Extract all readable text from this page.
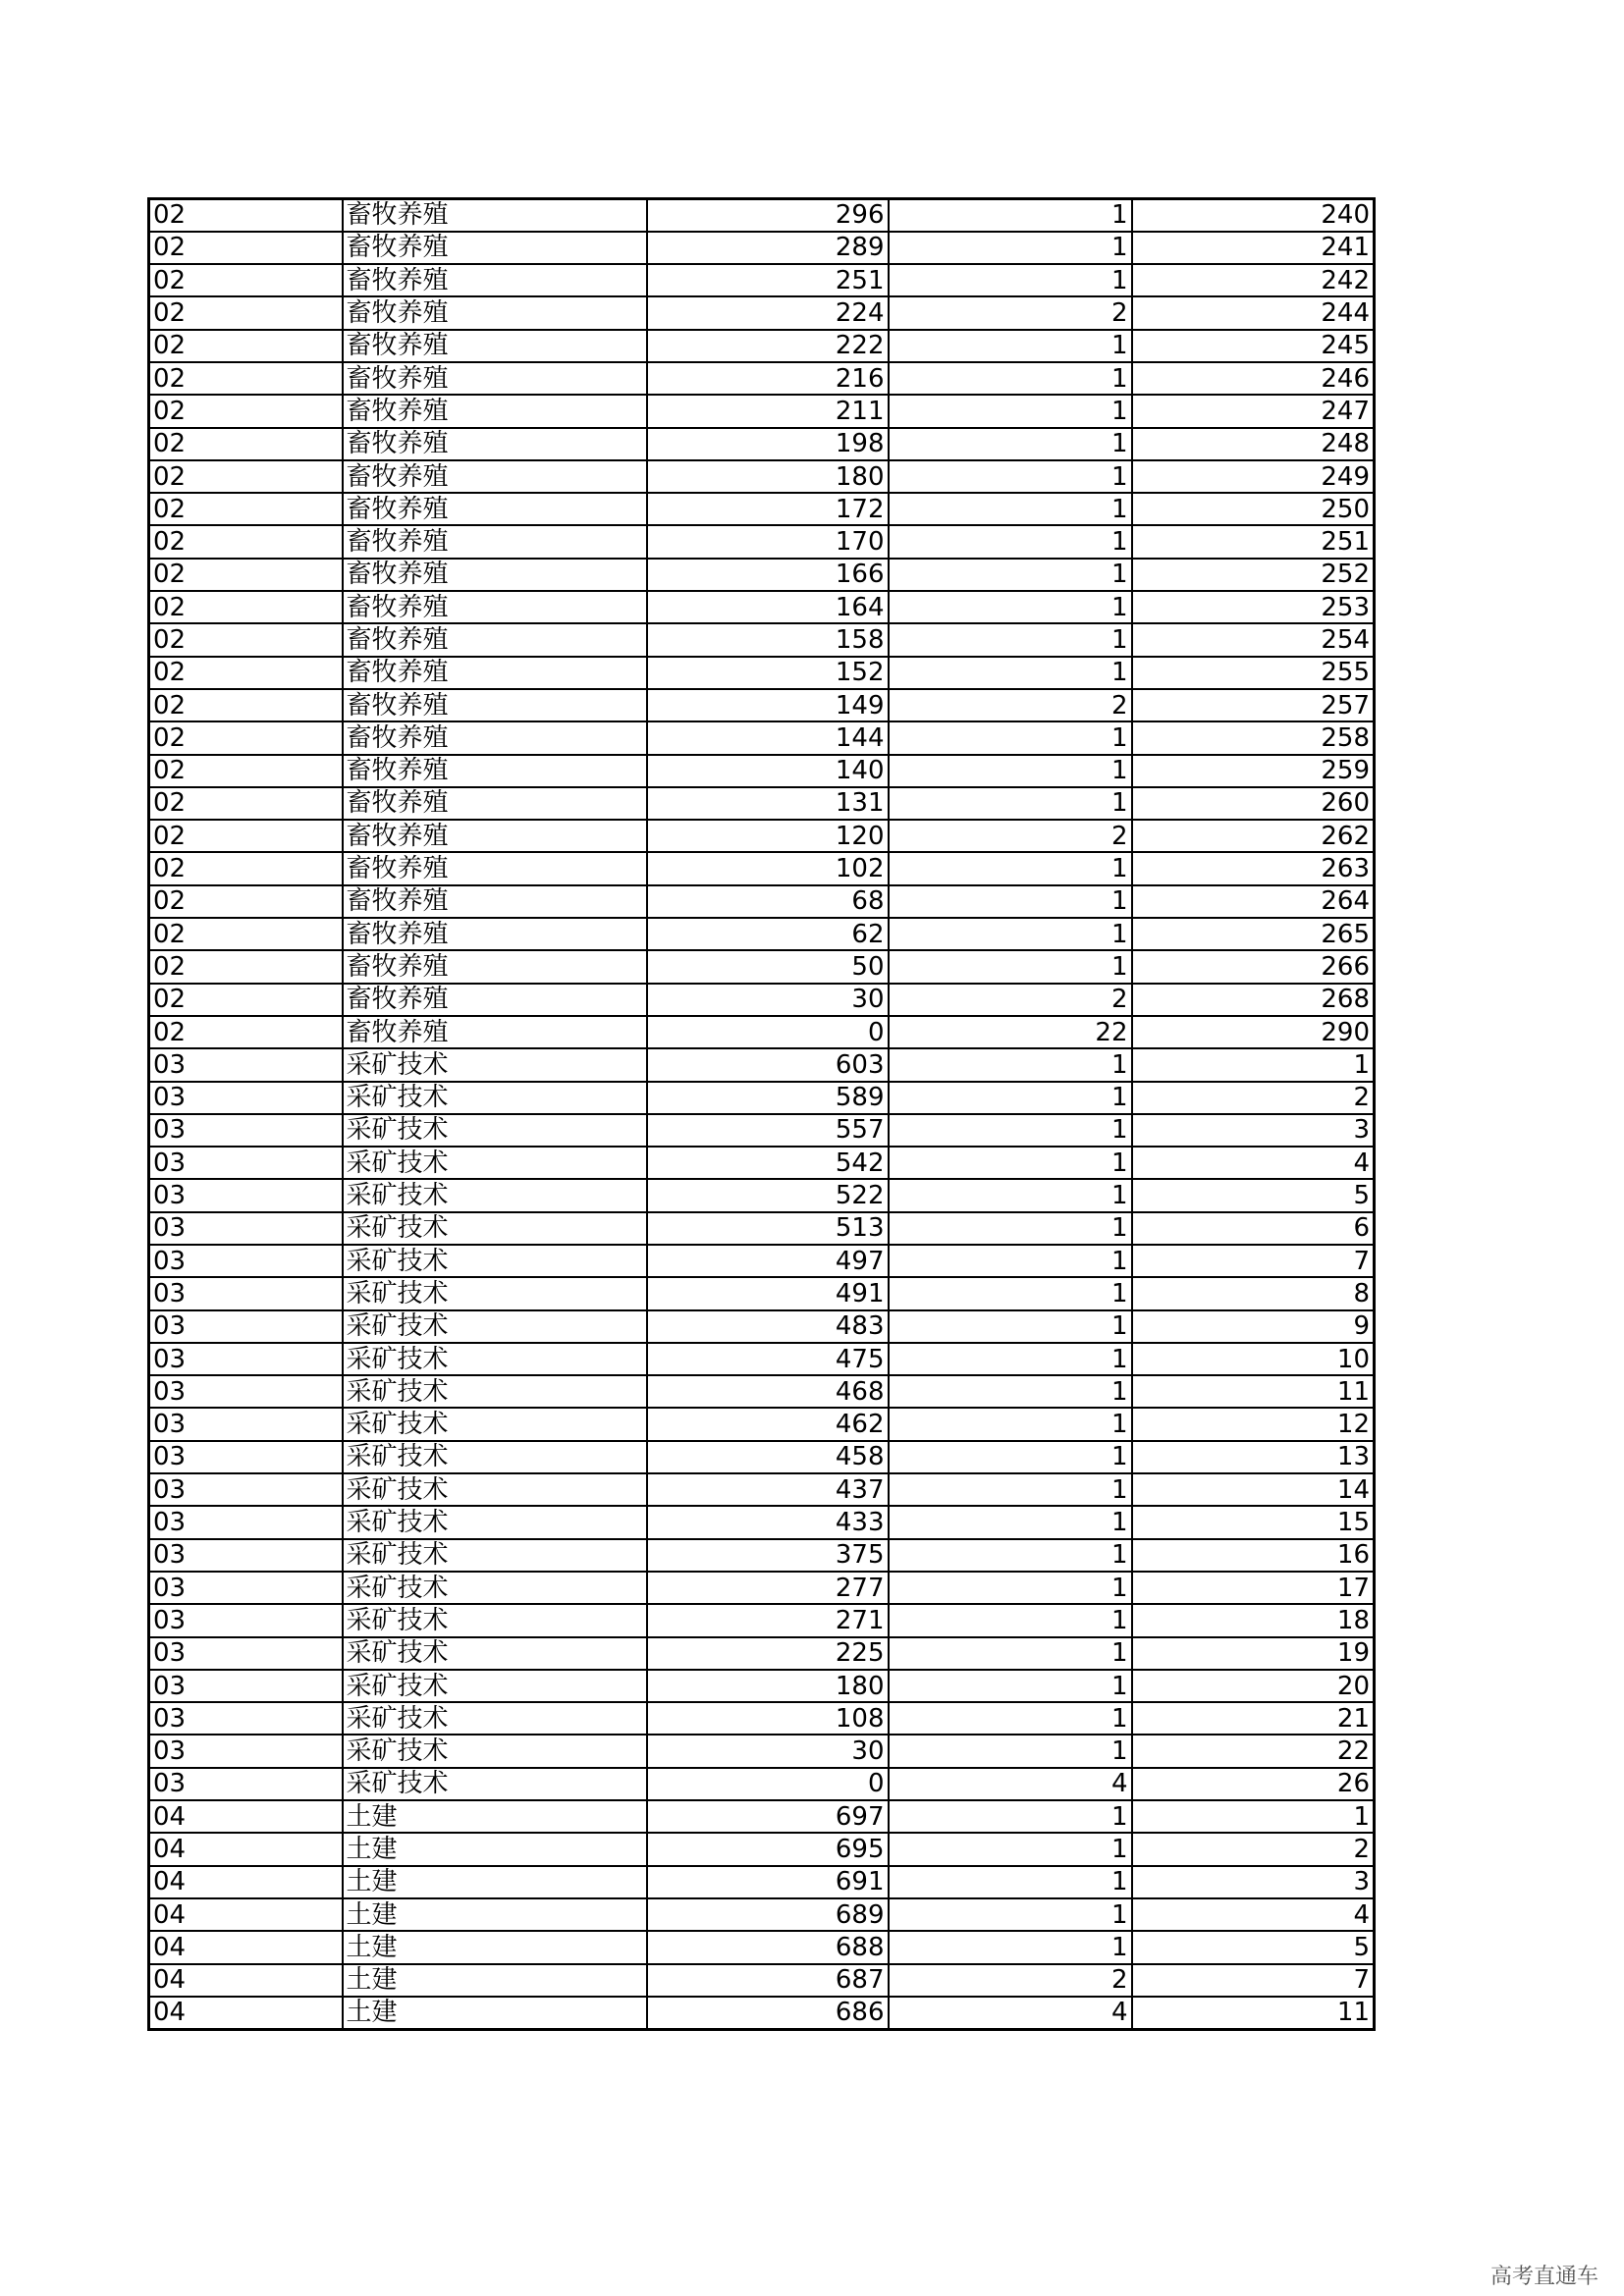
02	畜牧养殖	296	1	240
02	畜牧养殖	289	1	241
02	畜牧养殖	251	1	242
02	畜牧养殖	224	2	244
02	畜牧养殖	222	1	245
02	畜牧养殖	216	1	246
02	畜牧养殖	211	1	247
02	畜牧养殖	198	1	248
02	畜牧养殖	180	1	249
02	畜牧养殖	172	1	250
02	畜牧养殖	170	1	251
02	畜牧养殖	166	1	252
02	畜牧养殖	164	1	253
02	畜牧养殖	158	1	254
02	畜牧养殖	152	1	255
02	畜牧养殖	149	2	257
02	畜牧养殖	144	1	258
02	畜牧养殖	140	1	259
02	畜牧养殖	131	1	260
02	畜牧养殖	120	2	262
02	畜牧养殖	102	1	263
02	畜牧养殖	68	1	264
02	畜牧养殖	62	1	265
02	畜牧养殖	50	1	266
02	畜牧养殖	30	2	268
02	畜牧养殖	0	22	290
03	采矿技术	603	1	1
03	采矿技术	589	1	2
03	采矿技术	557	1	3
03	采矿技术	542	1	4
03	采矿技术	522	1	5
03	采矿技术	513	1	6
03	采矿技术	497	1	7
03	采矿技术	491	1	8
03	采矿技术	483	1	9
03	采矿技术	475	1	10
03	采矿技术	468	1	11
03	采矿技术	462	1	12
03	采矿技术	458	1	13
03	采矿技术	437	1	14
03	采矿技术	433	1	15
03	采矿技术	375	1	16
03	采矿技术	277	1	17
03	采矿技术	271	1	18
03	采矿技术	225	1	19
03	采矿技术	180	1	20
03	采矿技术	108	1	21
03	采矿技术	30	1	22
03	采矿技术	0	4	26
04	土建	697	1	1
04	土建	695	1	2
04	土建	691	1	3
04	土建	689	1	4
04	土建	688	1	5
04	土建	687	2	7
04	土建	686	4	11
高考直通车
